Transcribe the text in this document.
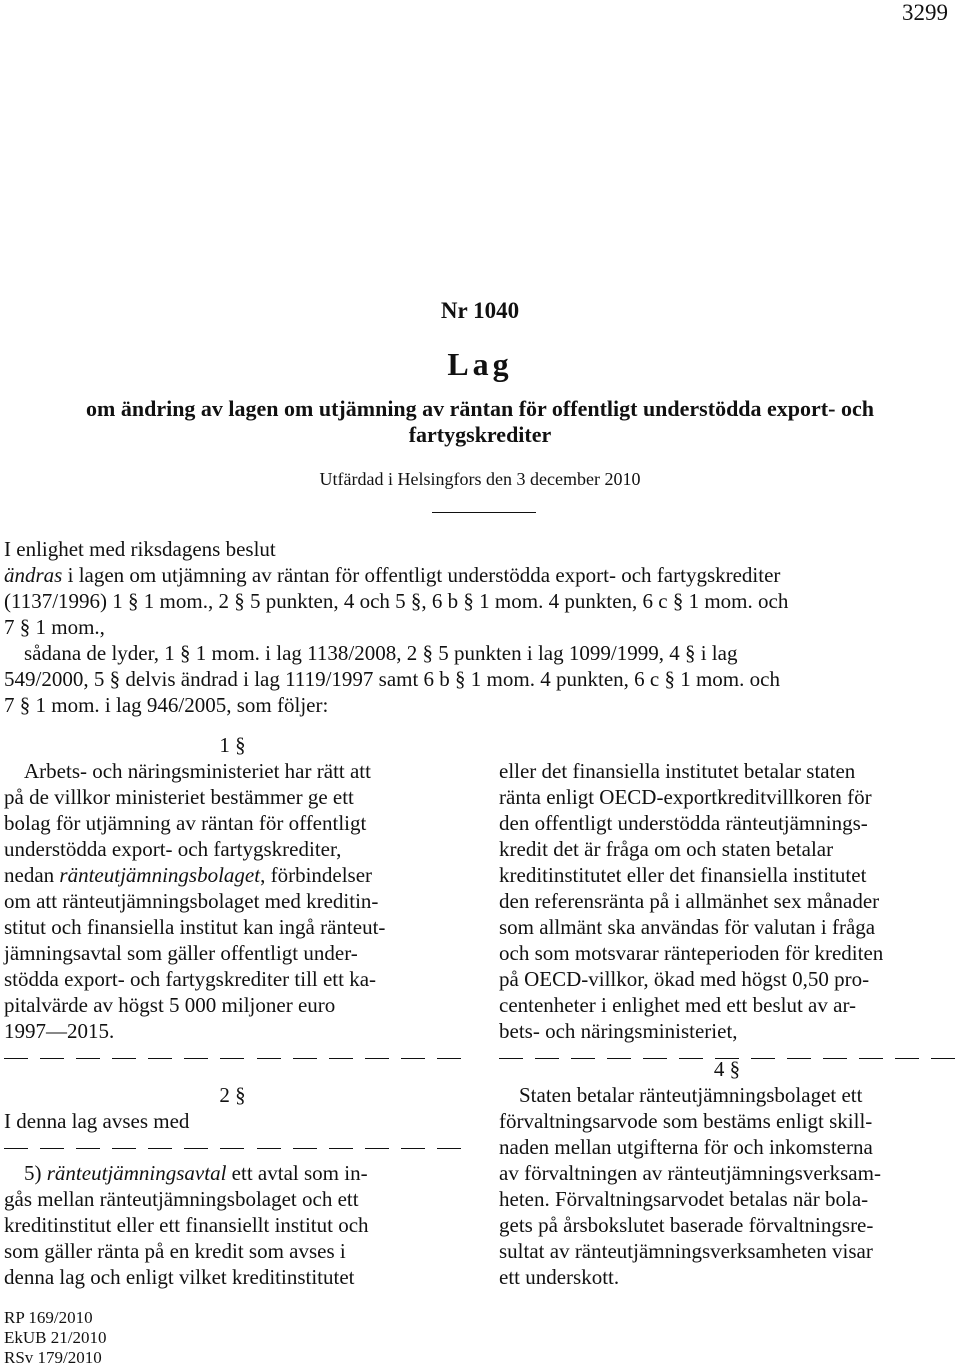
3299
Nr 1040
Lag
om ändring av lagen om utjämning av räntan för offentligt understödda export- och
fartygskrediter
Utfärdad i Helsingfors den 3 december 2010
I enlighet med riksdagens beslut
ändras i lagen om utjämning av räntan för offentligt understödda export- och fartygskrediter
(1137/1996) 1 § 1 mom., 2 § 5 punkten, 4 och 5 §, 6 b § 1 mom. 4 punkten, 6 c § 1 mom. och
7 § 1 mom.,
sådana de lyder, 1 § 1 mom. i lag 1138/2008, 2 § 5 punkten i lag 1099/1999, 4 § i lag
549/2000, 5 § delvis ändrad i lag 1119/1997 samt 6 b § 1 mom. 4 punkten, 6 c § 1 mom. och
7 § 1 mom. i lag 946/2005, som följer:
1 §
Arbets- och näringsministeriet har rätt att
på de villkor ministeriet bestämmer ge ett
bolag för utjämning av räntan för offentligt
understödda export- och fartygskrediter,
nedan ränteutjämningsbolaget, förbindelser
om att ränteutjämningsbolaget med kreditin-
stitut och finansiella institut kan ingå ränteut-
jämningsavtal som gäller offentligt under-
stödda export- och fartygskrediter till ett ka-
pitalvärde av högst 5 000 miljoner euro
1997—2015.
2 §
I denna lag avses med
5) ränteutjämningsavtal ett avtal som in-
gås mellan ränteutjämningsbolaget och ett
kreditinstitut eller ett finansiellt institut och
som gäller ränta på en kredit som avses i
denna lag och enligt vilket kreditinstitutet
eller det finansiella institutet betalar staten
ränta enligt OECD-exportkreditvillkoren för
den offentligt understödda ränteutjämnings-
kredit det är fråga om och staten betalar
kreditinstitutet eller det finansiella institutet
den referensränta på i allmänhet sex månader
som allmänt ska användas för valutan i fråga
och som motsvarar ränteperioden för krediten
på OECD-villkor, ökad med högst 0,50 pro-
centenheter i enlighet med ett beslut av ar-
bets- och näringsministeriet,
4 §
Staten betalar ränteutjämningsbolaget ett
förvaltningsarvode som bestäms enligt skill-
naden mellan utgifterna för och inkomsterna
av förvaltningen av ränteutjämningsverksam-
heten. Förvaltningsarvodet betalas när bola-
gets på årsbokslutet baserade förvaltningsre-
sultat av ränteutjämningsverksamheten visar
ett underskott.
RP 169/2010
EkUB 21/2010
RSv 179/2010
